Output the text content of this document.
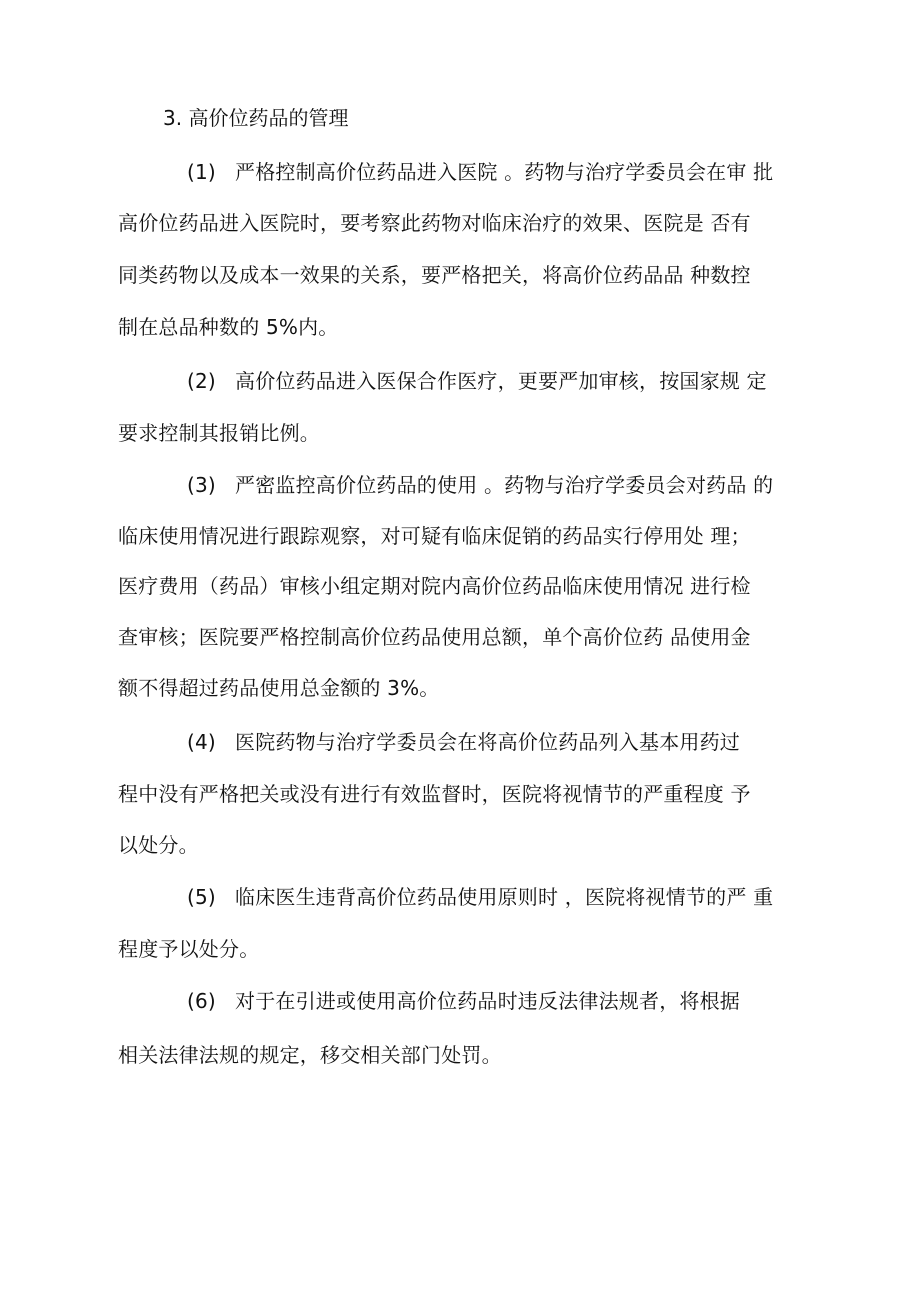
3. 高价位药品的管理
(1) 严格控制高价位药品进入医院 。药物与治疗学委员会在审 批
高价位药品进入医院时，要考察此药物对临床治疗的效果、医院是 否有
同类药物以及成本一效果的关系，要严格把关，将高价位药品品 种数控
制在总品种数的 5%内。
(2) 高价位药品进入医保合作医疗，更要严加审核，按国家规 定
要求控制其报销比例。
(3) 严密监控高价位药品的使用 。药物与治疗学委员会对药品 的
临床使用情况进行跟踪观察，对可疑有临床促销的药品实行停用处 理；
医疗费用（药品）审核小组定期对院内高价位药品临床使用情况 进行检
查审核；医院要严格控制高价位药品使用总额，单个高价位药 品使用金
额不得超过药品使用总金额的 3%。
(4) 医院药物与治疗学委员会在将高价位药品列入基本用药过
程中没有严格把关或没有进行有效监督时，医院将视情节的严重程度 予
以处分。
(5) 临床医生违背高价位药品使用原则时 ，医院将视情节的严 重
程度予以处分。
(6) 对于在引进或使用高价位药品时违反法律法规者，将根据
相关法律法规的规定，移交相关部门处罚。
